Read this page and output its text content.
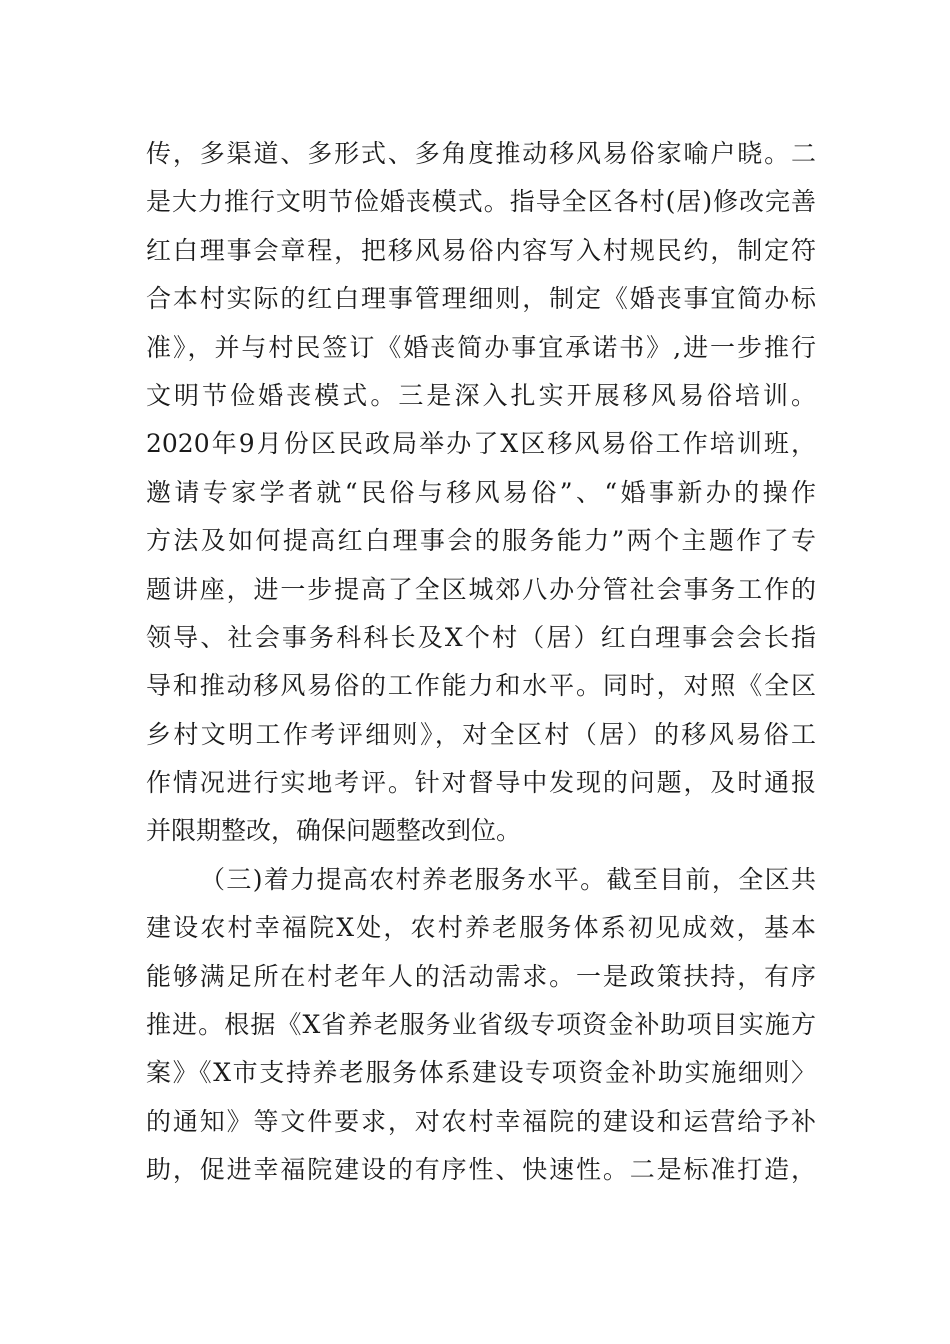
传，多渠道、多形式、多角度推动移风易俗家喻户晓。二
是大力推行文明节俭婚丧模式。指导全区各村(居)修改完善
红白理事会章程，把移风易俗内容写入村规民约，制定符
合本村实际的红白理事管理细则，制定《婚丧事宜简办标
准》，并与村民签订《婚丧简办事宜承诺书》,进一步推行
文明节俭婚丧模式。三是深入扎实开展移风易俗培训。
2020年9月份区民政局举办了X区移风易俗工作培训班，
邀请专家学者就“民俗与移风易俗”、“婚事新办的操作
方法及如何提高红白理事会的服务能力”两个主题作了专
题讲座，进一步提高了全区城郊八办分管社会事务工作的
领导、社会事务科科长及X个村（居）红白理事会会长指
导和推动移风易俗的工作能力和水平。同时，对照《全区
乡村文明工作考评细则》，对全区村（居）的移风易俗工
作情况进行实地考评。针对督导中发现的问题，及时通报
并限期整改，确保问题整改到位。
（三)着力提高农村养老服务水平。截至目前，全区共
建设农村幸福院X处，农村养老服务体系初见成效，基本
能够满足所在村老年人的活动需求。一是政策扶持，有序
推进。根据《X省养老服务业省级专项资金补助项目实施方
案》《X市支持养老服务体系建设专项资金补助实施细则〉
的通知》等文件要求，对农村幸福院的建设和运营给予补
助，促进幸福院建设的有序性、快速性。二是标准打造，
